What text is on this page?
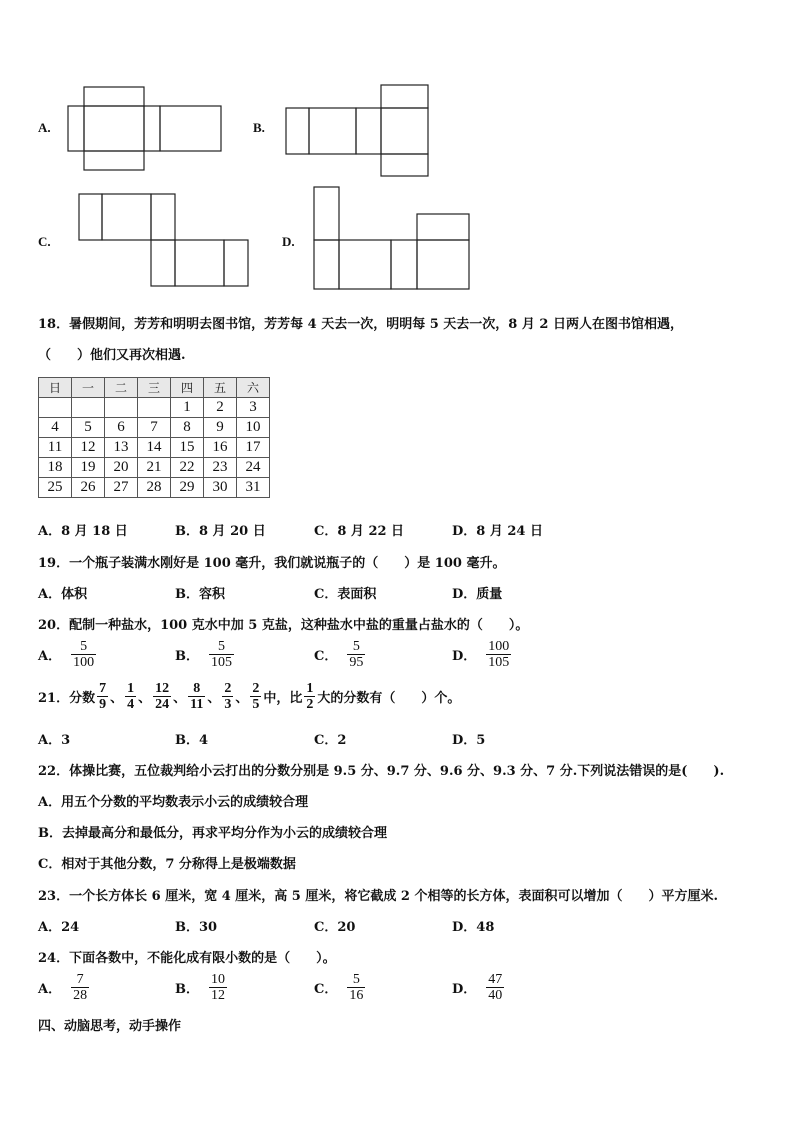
A.	B.
C.	D.
18．暑假期间，芳芳和明明去图书馆，芳芳每 4 天去一次，明明每 5 天去一次，8 月 2 日两人在图书馆相遇，
（　　）他们又再次相遇.
日	一	二	三	四	五	六
				1	2	3
4	5	6	7	8	9	10
11	12	13	14	15	16	17
18	19	20	21	22	23	24
25	26	27	28	29	30	31
A．8 月 18 日	B．8 月 20 日	C．8 月 22 日	D．8 月 24 日
19．一个瓶子装满水刚好是 100 毫升，我们就说瓶子的（　　）是 100 毫升。
A．体积	B．容积	C．表面积	D．质量
20．配制一种盐水，100 克水中加 5 克盐，这种盐水中盐的重量占盐水的（　　）。
A． $\frac{5}{100}$	B． $\frac{5}{105}$	C． $\frac{5}{95}$	D． $\frac{100}{105}$
21．分数 $\frac{7}{9}$ 、 $\frac{1}{4}$ 、 $\frac{12}{24}$ 、 $\frac{8}{11}$ 、 $\frac{2}{3}$ 、 $\frac{2}{5}$ 中，比 $\frac{1}{2}$ 大的分数有（　　）个。
A．3	B．4	C．2	D．5
22．体操比赛，五位裁判给小云打出的分数分别是 9.5 分、9.7 分、9.6 分、9.3 分、7 分.下列说法错误的是(　　).
A．用五个分数的平均数表示小云的成绩较合理
B．去掉最高分和最低分，再求平均分作为小云的成绩较合理
C．相对于其他分数，7 分称得上是极端数据
23．一个长方体长 6 厘米，宽 4 厘米，高 5 厘米，将它截成 2 个相等的长方体，表面积可以增加（　　）平方厘米.
A．24	B．30	C．20	D．48
24．下面各数中，不能化成有限小数的是（　　）。
A． $\frac{7}{28}$	B． $\frac{10}{12}$	C． $\frac{5}{16}$	D． $\frac{47}{40}$
四、动脑思考，动手操作
